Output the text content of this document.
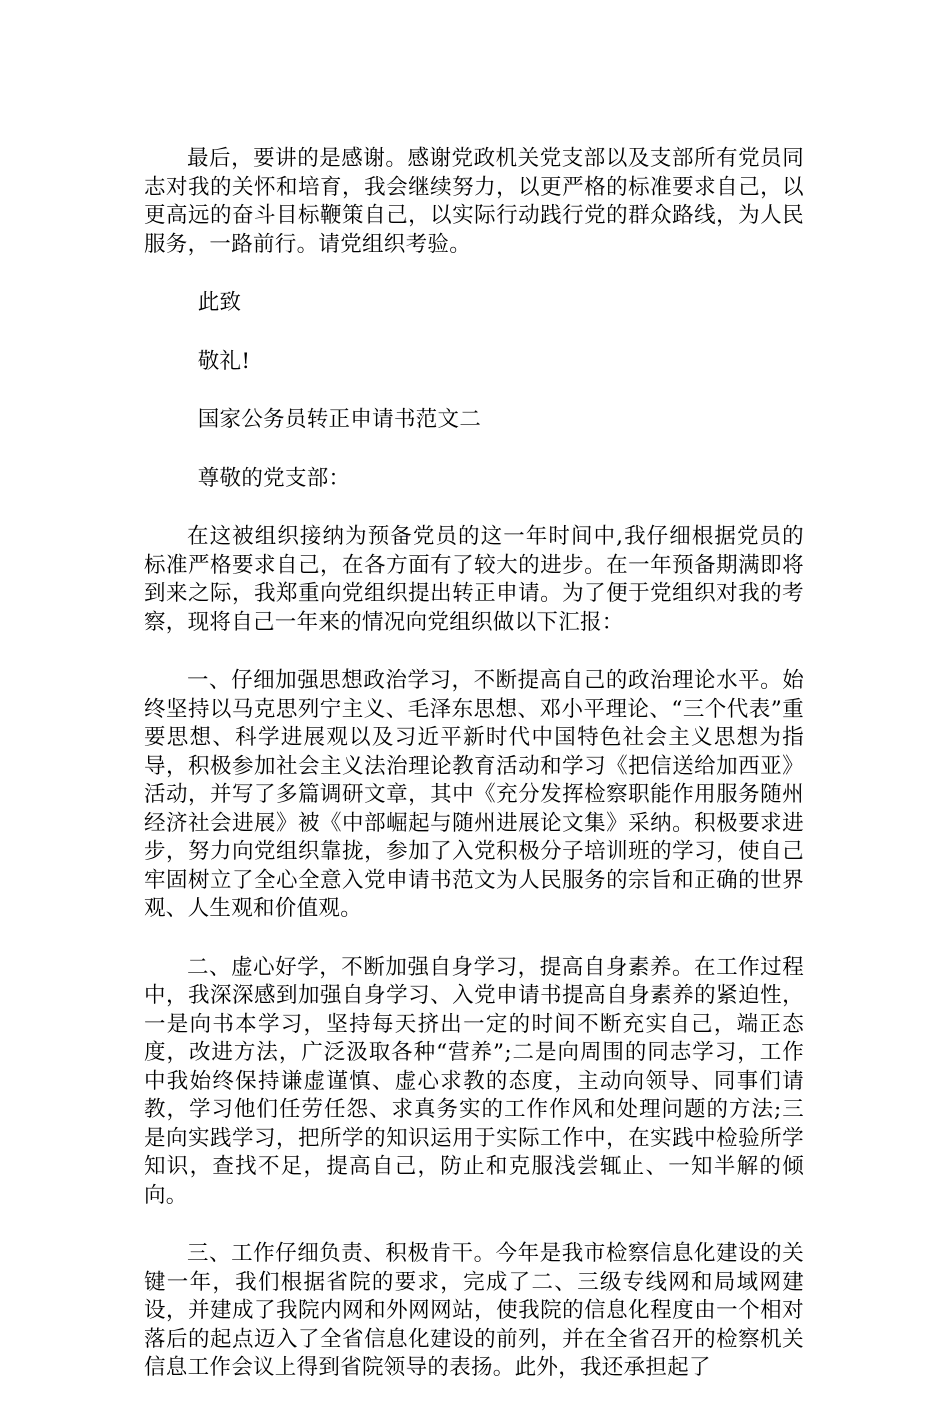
最后，要讲的是感谢。感谢党政机关党支部以及支部所有党员同志对我的关怀和培育，我会继续努力，以更严格的标准要求自己，以更高远的奋斗目标鞭策自己，以实际行动践行党的群众路线，为人民服务，一路前行。请党组织考验。

此致

敬礼!

国家公务员转正申请书范文二

尊敬的党支部：

在这被组织接纳为预备党员的这一年时间中,我仔细根据党员的标准严格要求自己，在各方面有了较大的进步。在一年预备期满即将到来之际，我郑重向党组织提出转正申请。为了便于党组织对我的考察，现将自己一年来的情况向党组织做以下汇报：

一、仔细加强思想政治学习，不断提高自己的政治理论水平。始终坚持以马克思列宁主义、毛泽东思想、邓小平理论、“三个代表”重要思想、科学进展观以及习近平新时代中国特色社会主义思想为指导，积极参加社会主义法治理论教育活动和学习《把信送给加西亚》活动，并写了多篇调研文章，其中《充分发挥检察职能作用服务随州经济社会进展》被《中部崛起与随州进展论文集》采纳。积极要求进步，努力向党组织靠拢，参加了入党积极分子培训班的学习，使自己牢固树立了全心全意入党申请书范文为人民服务的宗旨和正确的世界观、人生观和价值观。

二、虚心好学，不断加强自身学习，提高自身素养。在工作过程中，我深深感到加强自身学习、入党申请书提高自身素养的紧迫性，一是向书本学习，坚持每天挤出一定的时间不断充实自己，端正态度，改进方法，广泛汲取各种“营养”;二是向周围的同志学习，工作中我始终保持谦虚谨慎、虚心求教的态度，主动向领导、同事们请教，学习他们任劳任怨、求真务实的工作作风和处理问题的方法;三是向实践学习，把所学的知识运用于实际工作中，在实践中检验所学知识，查找不足，提高自己，防止和克服浅尝辄止、一知半解的倾向。

三、工作仔细负责、积极肯干。今年是我市检察信息化建设的关键一年，我们根据省院的要求，完成了二、三级专线网和局域网建设，并建成了我院内网和外网网站，使我院的信息化程度由一个相对落后的起点迈入了全省信息化建设的前列，并在全省召开的检察机关信息工作会议上得到省院领导的表扬。此外，我还承担起了
